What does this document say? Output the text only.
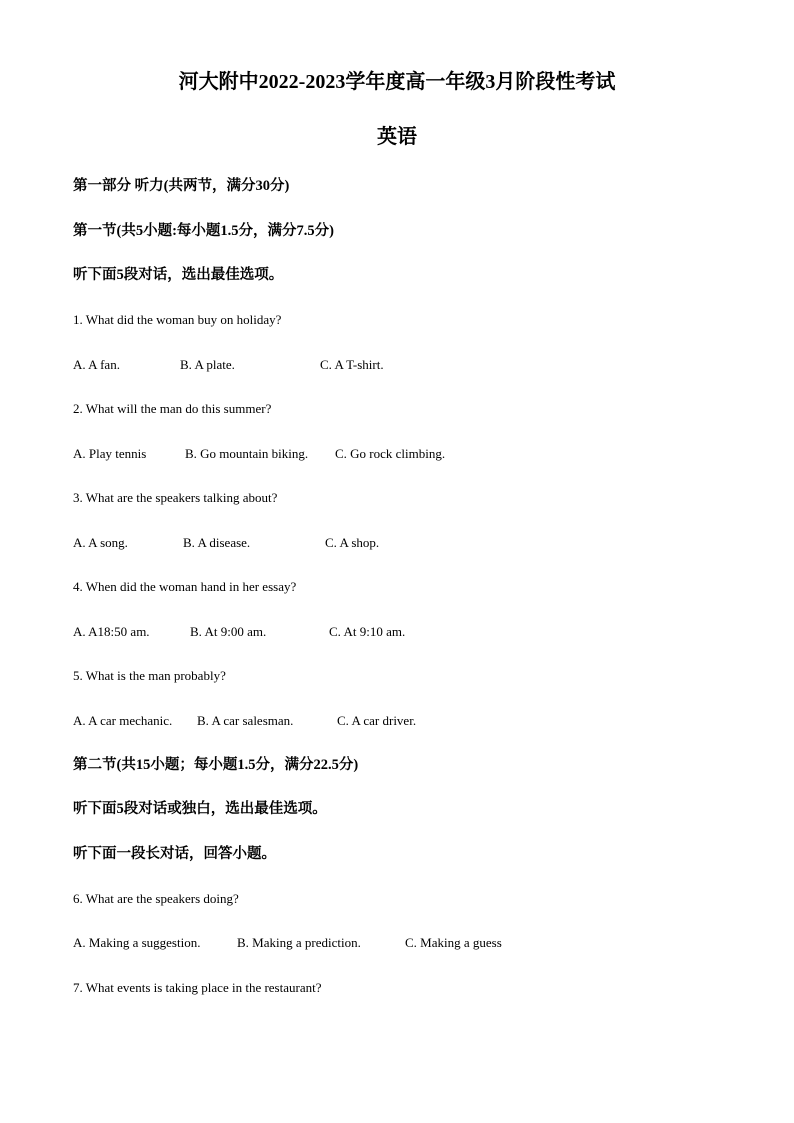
河大附中2022-2023学年度高一年级3月阶段性考试
英语
第一部分 听力(共两节，满分30分)
第一节(共5小题:每小题1.5分，满分7.5分)
听下面5段对话，选出最佳选项。
1. What did the woman buy on holiday?
A. A fan.	B. A plate.	C. A T-shirt.
2. What will the man do this summer?
A. Play tennis	B. Go mountain biking. C. Go rock climbing.
3. What are the speakers talking about?
A. A song.	B. A disease.	C. A shop.
4. When did the woman hand in her essay?
A. A18:50 am.	B. At 9:00 am.	C. At 9:10 am.
5. What is the man probably?
A. A car mechanic. B. A car salesman.	C. A car driver.
第二节(共15小题；每小题1.5分，满分22.5分)
听下面5段对话或独白，选出最佳选项。
听下面一段长对话，回答小题。
6. What are the speakers doing?
A. Making a suggestion.	B. Making a prediction.	C. Making a guess
7. What events is taking place in the restaurant?
